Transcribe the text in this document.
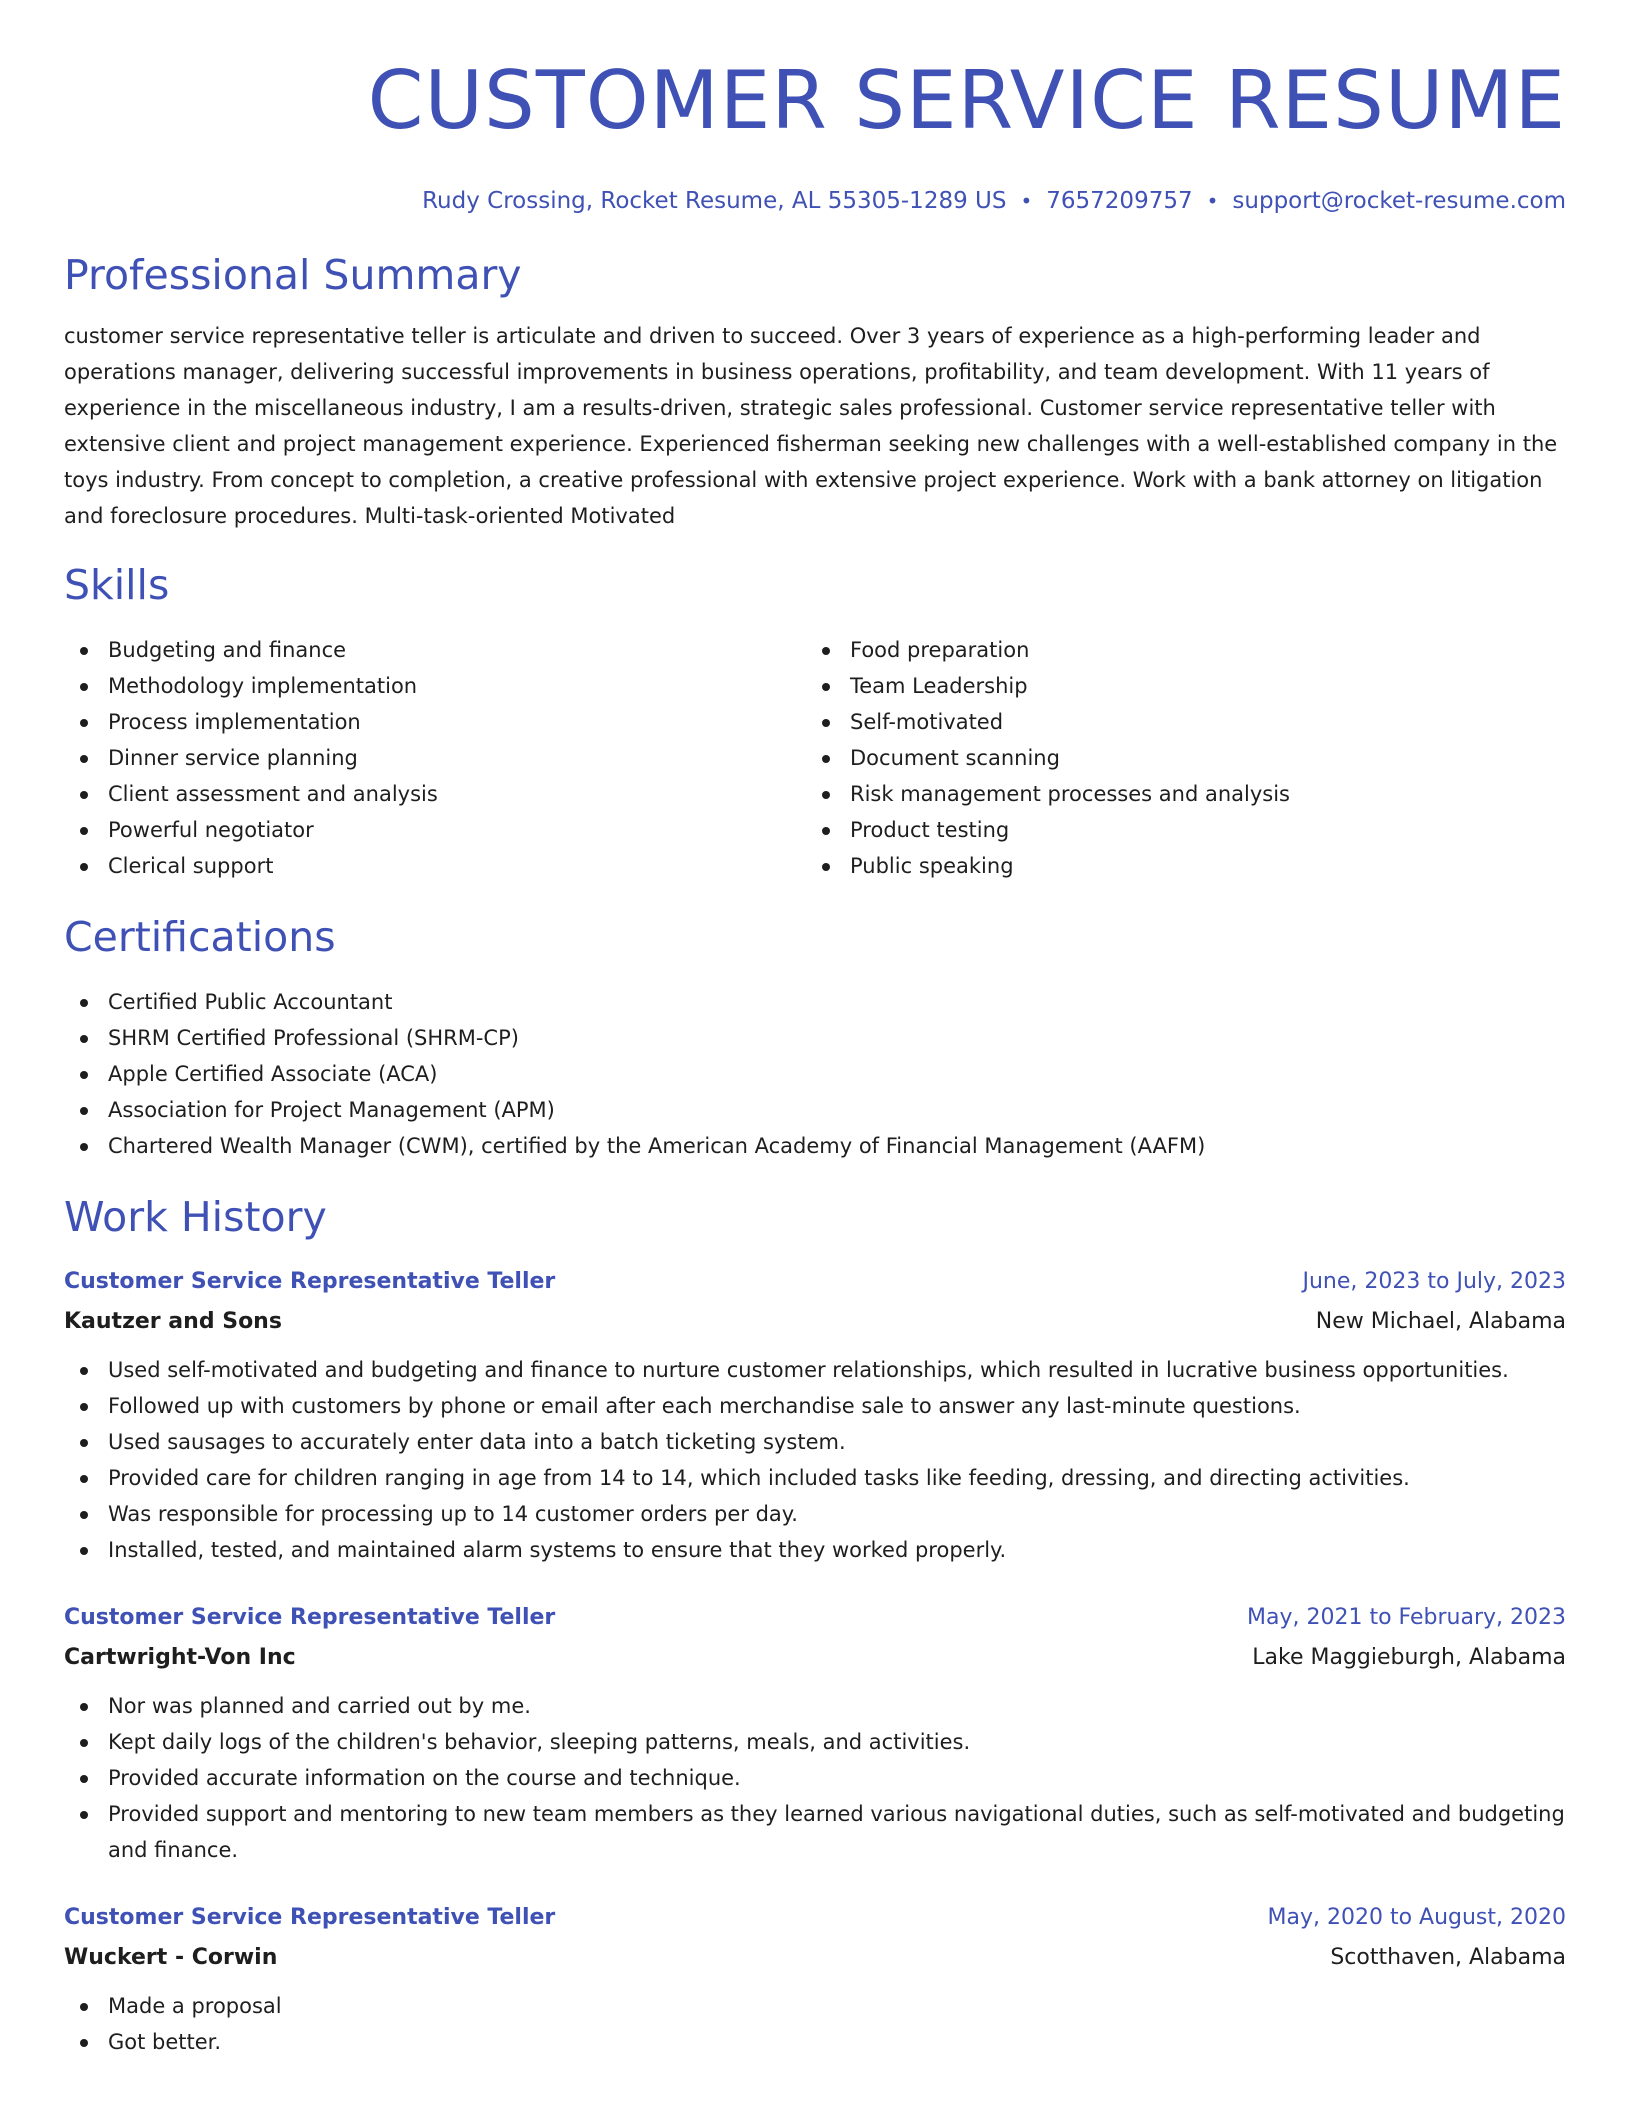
CUSTOMER SERVICE RESUME
Rudy Crossing, Rocket Resume, AL 55305-1289 US • 7657209757 • support@rocket-resume.com
Professional Summary

customer service representative teller is articulate and driven to succeed. Over 3 years of experience as a high-performing leader and operations manager, delivering successful improvements in business operations, profitability, and team development. With 11 years of experience in the miscellaneous industry, I am a results-driven, strategic sales professional. Customer service representative teller with extensive client and project management experience. Experienced fisherman seeking new challenges with a well-established company in the toys industry. From concept to completion, a creative professional with extensive project experience. Work with a bank attorney on litigation and foreclosure procedures. Multi-task-oriented Motivated

Skills
Budgeting and finance
Methodology implementation
Process implementation
Dinner service planning
Client assessment and analysis
Powerful negotiator
Clerical support
Food preparation
Team Leadership
Self-motivated
Document scanning
Risk management processes and analysis
Product testing
Public speaking
Certifications
Certified Public Accountant
SHRM Certified Professional (SHRM-CP)
Apple Certified Associate (ACA)
Association for Project Management (APM)
Chartered Wealth Manager (CWM), certified by the American Academy of Financial Management (AAFM)
Work History
Customer Service Representative Teller	June, 2023 to July, 2023
Kautzer and Sons	New Michael, Alabama
Used self-motivated and budgeting and finance to nurture customer relationships, which resulted in lucrative business opportunities.
Followed up with customers by phone or email after each merchandise sale to answer any last-minute questions.
Used sausages to accurately enter data into a batch ticketing system.
Provided care for children ranging in age from 14 to 14, which included tasks like feeding, dressing, and directing activities.
Was responsible for processing up to 14 customer orders per day.
Installed, tested, and maintained alarm systems to ensure that they worked properly.
Customer Service Representative Teller	May, 2021 to February, 2023
Cartwright-Von Inc	Lake Maggieburgh, Alabama
Nor was planned and carried out by me.
Kept daily logs of the children's behavior, sleeping patterns, meals, and activities.
Provided accurate information on the course and technique.
Provided support and mentoring to new team members as they learned various navigational duties, such as self-motivated and budgeting and finance.
Customer Service Representative Teller	May, 2020 to August, 2020
Wuckert - Corwin	Scotthaven, Alabama
Made a proposal
Got better.
